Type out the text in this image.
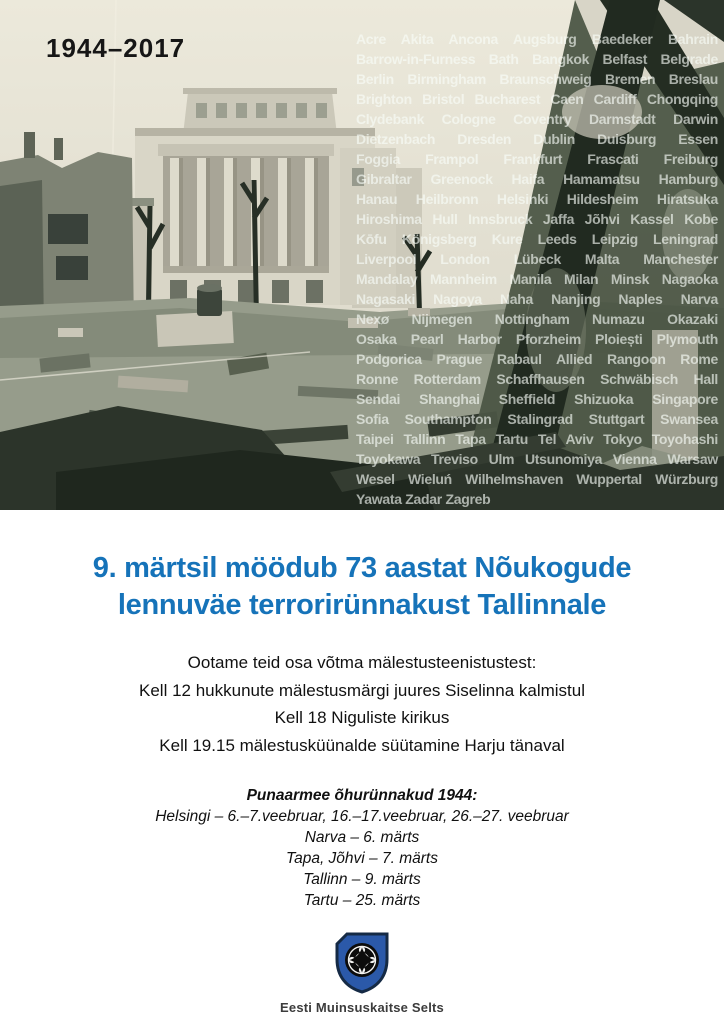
1944–2017	Acre Akita Ancona Augsburg Baedeker Bahrain
Barrow-in-Furness Bath Bangkok Belfast Belgrade
Berlin Birmingham Braunschweig Bremen Breslau
Brighton Bristol Bucharest Caen Cardiff Chongqing
Clydebank Cologne Coventry Darmstadt Darwin
Dietzenbach Dresden Dublin Duisburg Essen
Foggia Frampol Frankfurt Frascati Freiburg
Gibraltar Greenock Haifa Hamamatsu Hamburg
Hanau Heilbronn Helsinki Hildesheim Hiratsuka
Hiroshima Hull Innsbruck Jaffa Jõhvi Kassel Kobe
Kōfu Königsberg Kure Leeds Leipzig Leningrad
Liverpool London Lübeck Malta Manchester
Mandalay Mannheim Manila Milan Minsk Nagaoka
Nagasaki Nagoya Naha Nanjing Naples Narva
Nexø Nijmegen Nottingham Numazu Okazaki
Osaka Pearl Harbor Pforzheim Ploiești Plymouth
Podgorica Prague Rabaul Allied Rangoon Rome
Ronne Rotterdam Schaffhausen Schwäbisch Hall
Sendai Shanghai Sheffield Shizuoka Singapore
Sofia Southampton Stalingrad Stuttgart Swansea
Taipei Tallinn Tapa Tartu Tel Aviv Tokyo Toyohashi
Toyokawa Treviso Ulm Utsunomiya Vienna Warsaw
Wesel Wieluń Wilhelmshaven Wuppertal Würzburg
Yawata Zadar Zagreb
9. märtsil möödub 73 aastat Nõukogude
lennuväe terrorirünnakust Tallinnale
Ootame teid osa võtma mälestusteenistustest:
Kell 12 hukkunute mälestusmärgi juures Siselinna kalmistul
Kell 18 Niguliste kirikus
Kell 19.15 mälestusküünalde süütamine Harju tänaval
Punaarmee õhurünnakud 1944:
Helsingi – 6.–7.veebruar, 16.–17.veebruar, 26.–27. veebruar
Narva – 6. märts
Tapa, Jõhvi – 7. märts
Tallinn – 9. märts
Tartu – 25. märts
Eesti Muinsuskaitse Selts
